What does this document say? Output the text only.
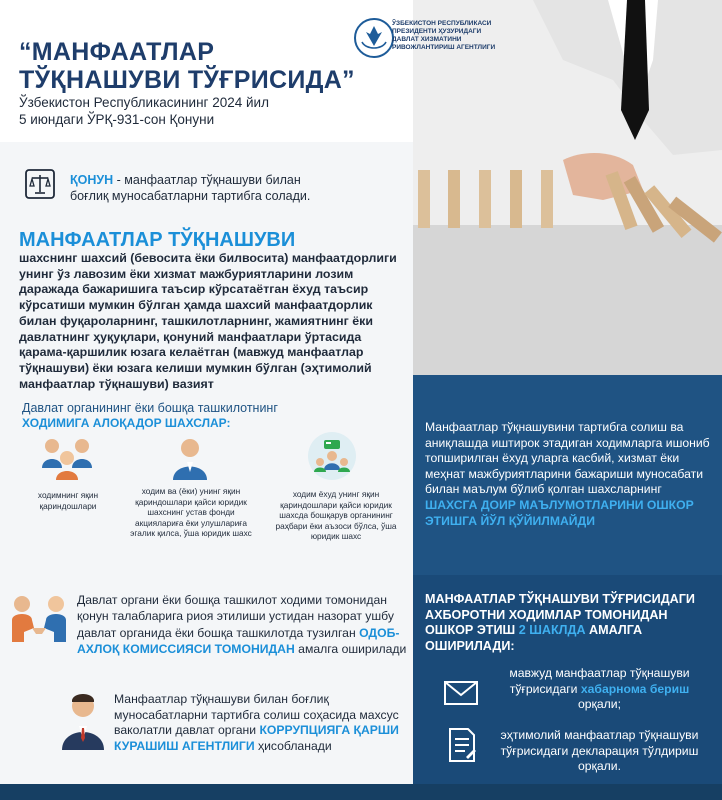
ЎЗБЕКИСТОН РЕСПУБЛИКАСИ
ПРЕЗИДЕНТИ ҲУЗУРИДАГИ
ДАВЛАТ ХИЗМАТИНИ
РИВОЖЛАНТИРИШ АГЕНТЛИГИ
“МАНФААТЛАР
ТЎҚНАШУВИ ТЎҒРИСИДА”
Ўзбекистон Республикасининг 2024 йил
5 июндаги ЎРҚ-931-сон Қонуни
ҚОНУН - манфаатлар тўқнашуви билан
боғлиқ муносабатларни тартибга солади.
МАНФААТЛАР ТЎҚНАШУВИ
шахснинг шахсий (бевосита ёки билвосита) манфаатдорлиги унинг ўз лавозим ёки хизмат мажбуриятларини лозим даражада бажаришига таъсир кўрсатаётган ёхуд таъсир кўрсатиши мумкин бўлган ҳамда шахсий манфаатдорлик билан фуқароларнинг, ташкилотларнинг, жамиятнинг ёки давлатнинг ҳуқуқлари, қонуний манфаатлари ўртасида қарама-қаршилик юзага келаётган (мавжуд манфаатлар тўқнашуви) ёки юзага келиши мумкин бўлган (эҳтимолий манфаатлар тўқнашуви) вазият
Давлат органининг ёки бошқа ташкилотнинг
ХОДИМИГА АЛОҚАДОР ШАХСЛАР:
ходимнинг яқин қариндошлари
ходим ва (ёки) унинг яқин қариндошлари қайси юридик шахснинг устав фонди акциялариға ёки улушлариға эгалик қилса, ўша юридик шахс
ходим ёхуд унинг яқин қариндошлари қайси юридик шахсда бошқарув органининг раҳбари ёки аъзоси бўлса, ўша юридик шахс
Давлат органи ёки бошқа ташкилот ходими томонидан қонун талабларига риоя этилиши устидан назорат ушбу давлат органида ёки бошқа ташкилотда тузилган ОДОБ-АХЛОҚ КОМИССИЯСИ ТОМОНИДАН амалга оширилади
Манфаатлар тўқнашуви билан боғлиқ муносабатларни тартибга солиш соҳасида махсус ваколатли давлат органи КОРРУПЦИЯГА ҚАРШИ КУРАШИШ АГЕНТЛИГИ ҳисобланади
Манфаатлар тўқнашувини тартибга солиш ва аниқлашда иштирок этадиган ходимларга ишониб топширилган ёхуд уларга касбий, хизмат ёки меҳнат мажбуриятларини бажариши муносабати билан маълум бўлиб қолган шахсларнинг ШАХСГА ДОИР МАЪЛУМОТЛАРИНИ ОШКОР ЭТИШГА ЙЎЛ ҚЎЙИЛМАЙДИ
МАНФААТЛАР ТЎҚНАШУВИ ТЎҒРИСИДАГИ АХБОРОТНИ ХОДИМЛАР ТОМОНИДАН ОШКОР ЭТИШ 2 ШАКЛДА АМАЛГА ОШИРИЛАДИ:
мавжуд манфаатлар тўқнашуви тўғрисидаги хабарнома бериш орқали;
эҳтимолий манфаатлар тўқнашуви тўғрисидаги декларация тўлдириш орқали.
